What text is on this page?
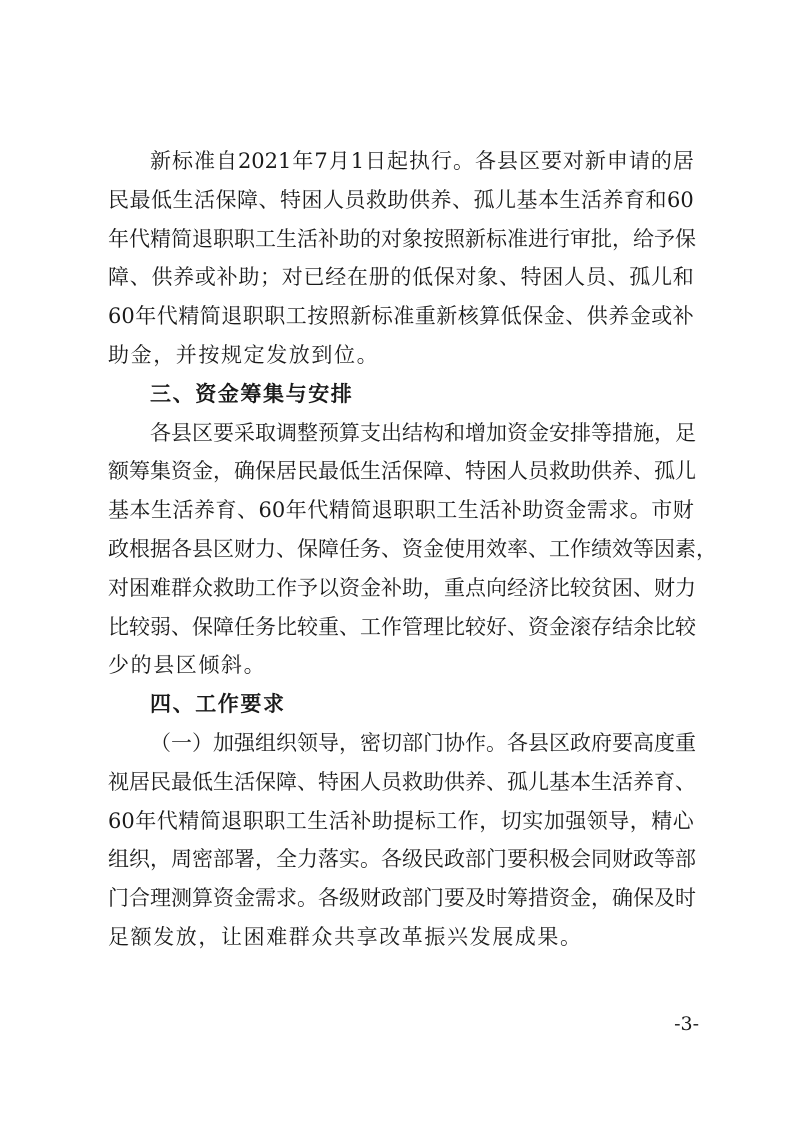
新 标 准 自 2021 年 7 月 1 日 起 执 行 。 各 县 区 要 对 新 申 请 的 居
民 最 低 生 活 保 障 、 特 困 人 员 救 助 供 养 、 孤 儿 基 本 生 活 养 育 和 60
年 代 精 简 退 职 职 工 生 活 补 助 的 对 象 按 照 新 标 准 进 行 审 批 ， 给 予 保
障 、 供 养 或 补 助 ； 对 已 经 在 册 的 低 保 对 象 、 特 困 人 员 、 孤 儿 和
60 年 代 精 简 退 职 职 工 按 照 新 标 准 重 新 核 算 低 保 金 、 供 养 金 或 补
助金，并按规定发放到位。
三、资金筹集与安排
各 县 区 要 采 取 调 整 预 算 支 出 结 构 和 增 加 资 金 安 排 等 措 施 ， 足
额 筹 集 资 金 ， 确 保 居 民 最 低 生 活 保 障 、 特 困 人 员 救 助 供 养 、 孤 儿
基 本 生 活 养 育 、 60 年 代 精 简 退 职 职 工 生 活 补 助 资 金 需 求 。 市 财
政 根 据 各 县 区 财 力 、 保 障 任 务 、 资 金 使 用 效 率 、 工 作 绩 效 等 因 素 ，
对 困 难 群 众 救 助 工 作 予 以 资 金 补 助 ， 重 点 向 经 济 比 较 贫 困 、 财 力
比 较 弱 、 保 障 任 务 比 较 重 、 工 作 管 理 比 较 好 、 资 金 滚 存 结 余 比 较
少的县区倾斜。
四、工作要求
（ 一 ） 加 强 组 织 领 导 ， 密 切 部 门 协 作 。 各 县 区 政 府 要 高 度 重
视 居 民 最 低 生 活 保 障 、 特 困 人 员 救 助 供 养 、 孤 儿 基 本 生 活 养 育 、
60 年 代 精 简 退 职 职 工 生 活 补 助 提 标 工 作 ， 切 实 加 强 领 导 ， 精 心
组 织 ， 周 密 部 署 ， 全 力 落 实 。 各 级 民 政 部 门 要 积 极 会 同 财 政 等 部
门 合 理 测 算 资 金 需 求 。 各 级 财 政 部 门 要 及 时 筹 措 资 金 ， 确 保 及 时
足额发放，让困难群众共享改革振兴发展成果。
-3-
